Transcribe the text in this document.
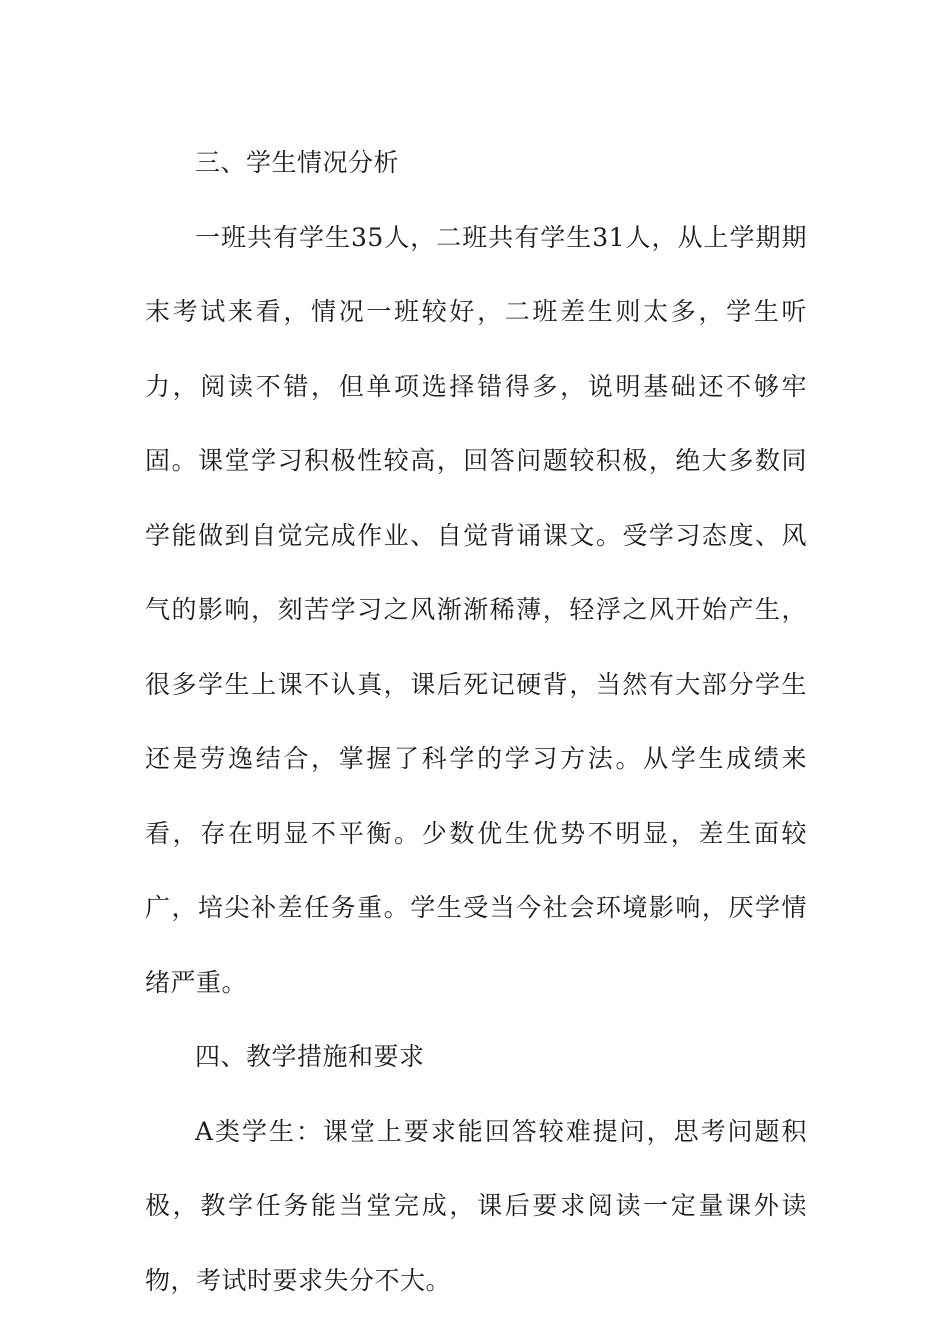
三、学生情况分析

一班共有学生35人，二班共有学生31人，从上学期期末考试来看，情况一班较好，二班差生则太多，学生听力，阅读不错，但单项选择错得多，说明基础还不够牢固。课堂学习积极性较高，回答问题较积极，绝大多数同学能做到自觉完成作业、自觉背诵课文。受学习态度、风气的影响，刻苦学习之风渐渐稀薄，轻浮之风开始产生，很多学生上课不认真，课后死记硬背，当然有大部分学生还是劳逸结合，掌握了科学的学习方法。从学生成绩来看，存在明显不平衡。少数优生优势不明显，差生面较广，培尖补差任务重。学生受当今社会环境影响，厌学情绪严重。

四、教学措施和要求

A类学生：课堂上要求能回答较难提问，思考问题积极，教学任务能当堂完成，课后要求阅读一定量课外读物，考试时要求失分不大。
